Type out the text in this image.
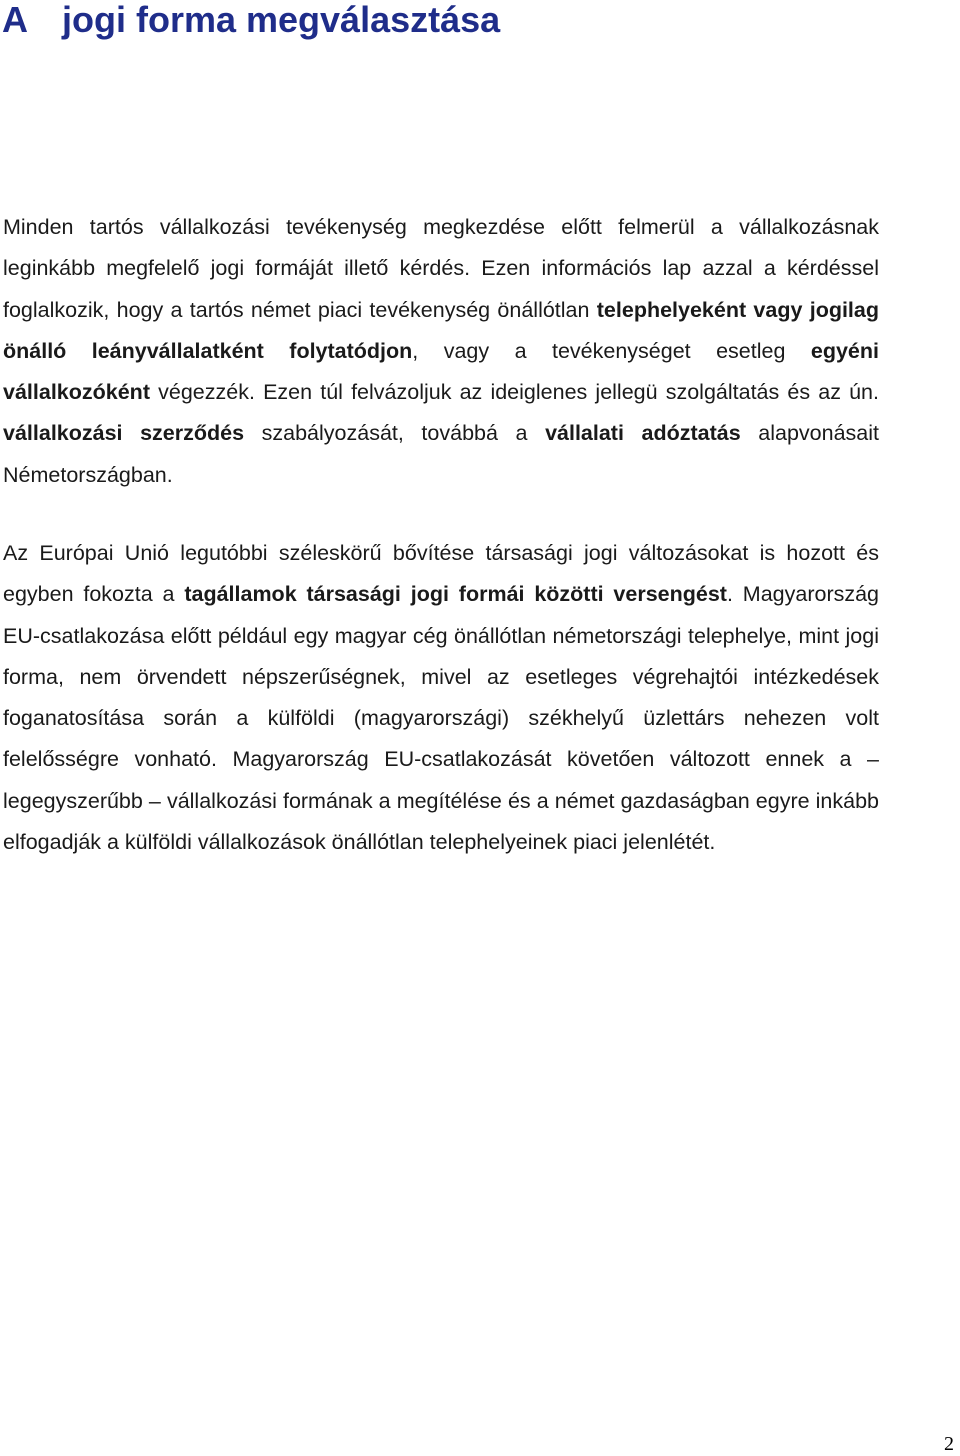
A jogi forma megválasztása

Minden tartós vállalkozási tevékenység megkezdése előtt felmerül a vállalkozásnak leginkább megfelelő jogi formáját illető kérdés. Ezen információs lap azzal a kérdéssel foglalkozik, hogy a tartós német piaci tevékenység önállótlan telephelyeként vagy jogilag önálló leányvállalatként folytatódjon, vagy a tevékenységet esetleg egyéni vállalkozóként végezzék. Ezen túl felvázoljuk az ideiglenes jellegü szolgáltatás és az ún. vállalkozási szerződés szabályozását, továbbá a vállalati adóztatás alapvonásait Németországban.

Az Európai Unió legutóbbi széleskörű bővítése társasági jogi változásokat is hozott és egyben fokozta a tagállamok társasági jogi formái közötti versengést. Magyarország EU-csatlakozása előtt például egy magyar cég önállótlan németországi telephelye, mint jogi forma, nem örvendett népszerűségnek, mivel az esetleges végrehajtói intézkedések foganatosítása során a külföldi (magyarországi) székhelyű üzlettárs nehezen volt felelősségre vonható. Magyarország EU-csatlakozását követően változott ennek a – legegyszerűbb – vállalkozási formának a megítélése és a német gazdaságban egyre inkább elfogadják a külföldi vállalkozások önállótlan telephelyeinek piaci jelenlétét.

2
